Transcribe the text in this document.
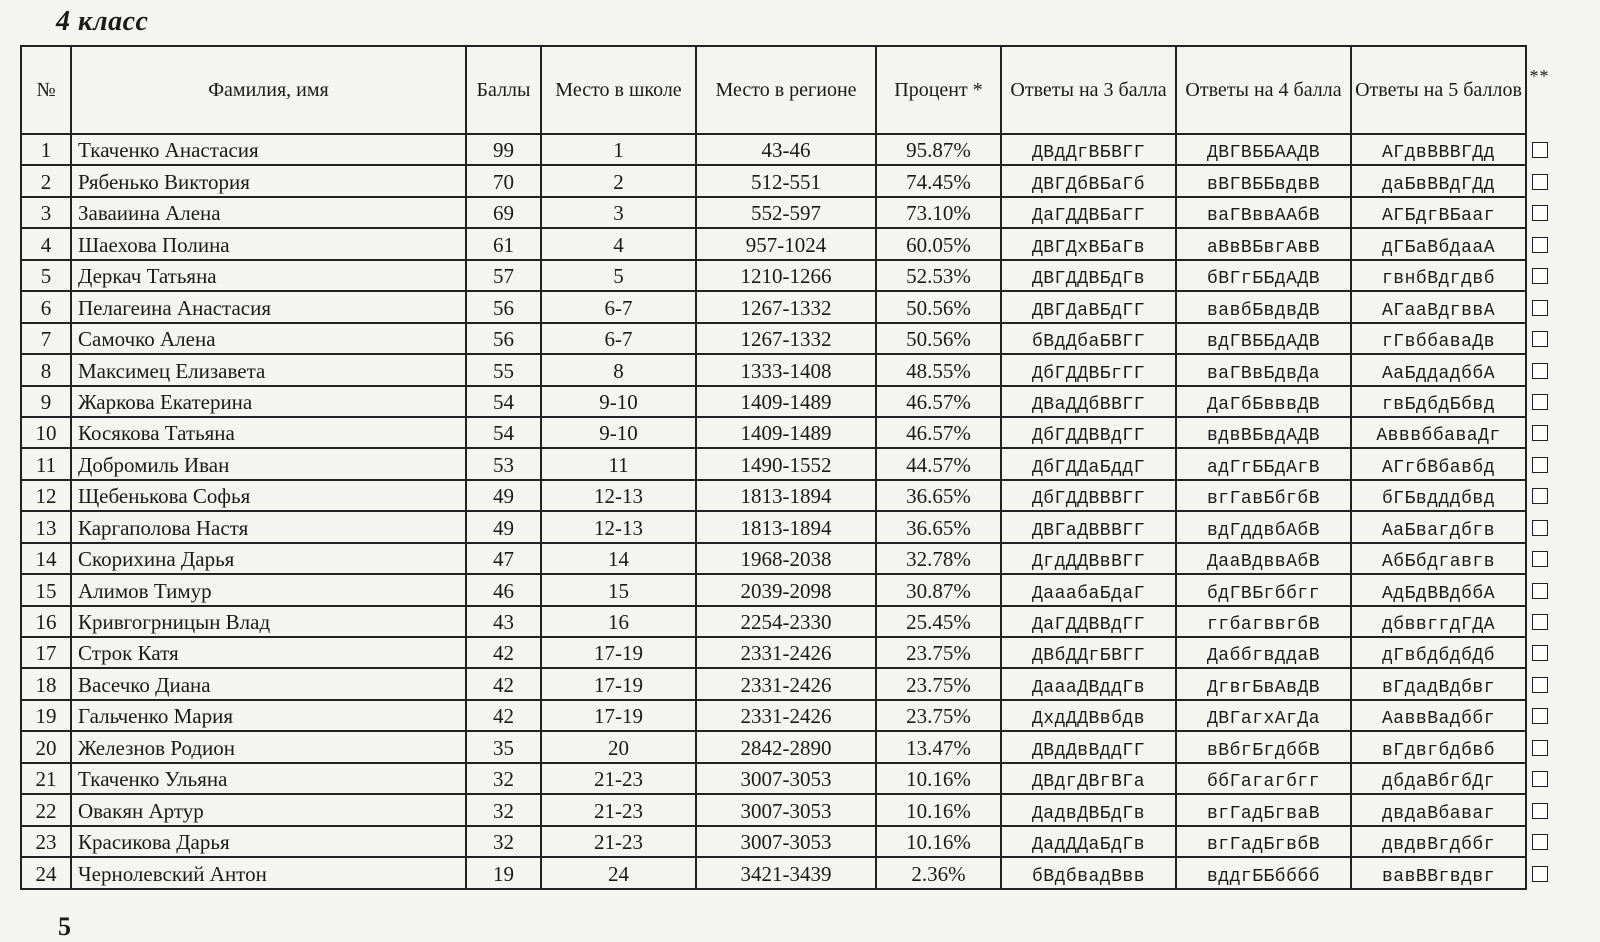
4 класс
№	Фамилия, имя	Баллы	Место в школе	Место в регионе	Процент *	Ответы на 3 балла	Ответы на 4 балла	Ответы на 5 баллов	**
1	Ткаченко Анастасия	99	1	43-46	95.87%	ДВдДгВБВГГ	ДВГВББААДВ	АГдвВВВГДд	
2	Рябенько Виктория	70	2	512-551	74.45%	ДВГДбВБаГб	вВГВББвдвВ	даБвВВдГДд	
3	Заваиина Алена	69	3	552-597	73.10%	ДаГДДВБаГГ	ваГВввААбВ	АГБдгВБааг	
4	Шаехова Полина	61	4	957-1024	60.05%	ДВГДхВБаГв	аВвВБвгАвВ	дГБаВбдааА	
5	Деркач Татьяна	57	5	1210-1266	52.53%	ДВГДДВБдГв	бВГгББдАДВ	гвнбВдгдвб	
6	Пелагеина Анастасия	56	6-7	1267-1332	50.56%	ДВГДаВБдГГ	вавбБвдвДВ	АГааВдгввА	
7	Самочко Алена	56	6-7	1267-1332	50.56%	бВдДбаБВГГ	вдГВББдАДВ	гГвббаваДв	
8	Максимец Елизавета	55	8	1333-1408	48.55%	ДбГДДВБгГГ	ваГВвБдвДа	АаБддадббА	
9	Жаркова Екатерина	54	9-10	1409-1489	46.57%	ДВаДДбВВГГ	ДаГбБвввДВ	гвБдбдБбвд	
10	Косякова Татьяна	54	9-10	1409-1489	46.57%	ДбГДДВВдГГ	вдвВБвдАДВ	АвввббаваДг	
11	Добромиль Иван	53	11	1490-1552	44.57%	ДбГДДаБддГ	адГгББдАгВ	АГгбВбавбд	
12	Щебенькова Софья	49	12-13	1813-1894	36.65%	ДбГДДВВВГГ	вгГавБбгбВ	бГБвдддбвд	
13	Каргаполова Настя	49	12-13	1813-1894	36.65%	ДВГаДВВВГГ	вдГддвбАбВ	АаБвагдбгв	
14	Скорихина Дарья	47	14	1968-2038	32.78%	ДгдДДВвВГГ	ДааВдввАбВ	АбБбдгавгв	
15	Алимов Тимур	46	15	2039-2098	30.87%	ДааабаБдаГ	бдГВБгббгг	АдБдВВдббА	
16	Кривгогрницын Влад	43	16	2254-2330	25.45%	ДаГДДВВдГГ	ггбагввгбВ	дбввггдГДА	
17	Строк Катя	42	17-19	2331-2426	23.75%	ДВбДДгБВГГ	ДаббгвддаВ	дГвбдбдбДб	
18	Васечко Диана	42	17-19	2331-2426	23.75%	ДаааДВддГв	ДгвгБвАвДВ	вГдадВдбвг	
19	Гальченко Мария	42	17-19	2331-2426	23.75%	ДхдДДВвбдв	ДВГагхАгДа	АаввВадббг	
20	Железнов Родион	35	20	2842-2890	13.47%	ДВдДвВддГГ	вВбгБгдббВ	вГдвгбдбвб	
21	Ткаченко Ульяна	32	21-23	3007-3053	10.16%	ДВдгДВгВГа	ббГагагбгг	дбдаВбгбДг	
22	Овакян Артур	32	21-23	3007-3053	10.16%	ДадвДВБдГв	вгГадБгваВ	двдаВбаваг	
23	Красикова Дарья	32	21-23	3007-3053	10.16%	ДадДДаБдГв	вгГадБгвбВ	двдвВгдббг	
24	Чернолевский Антон	19	24	3421-3439	2.36%	бВдбвадВвв	вддгББбббб	вавВВгвдвг	
5
